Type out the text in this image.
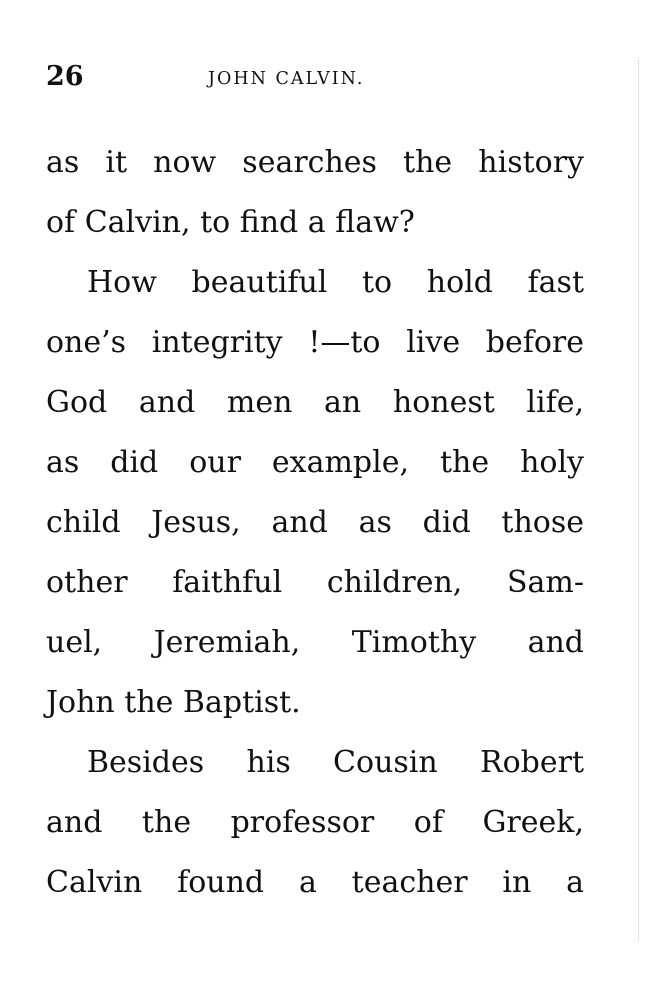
26	JOHN CALVIN.
as it now searches the history
of Calvin, to find a flaw?
How beautiful to hold fast
one’s integrity !—to live before
God and men an honest life,
as did our example, the holy
child Jesus, and as did those
other faithful children, Sam-
uel, Jeremiah, Timothy and
John the Baptist.
Besides his Cousin Robert
and the professor of Greek,
Calvin found a teacher in a
